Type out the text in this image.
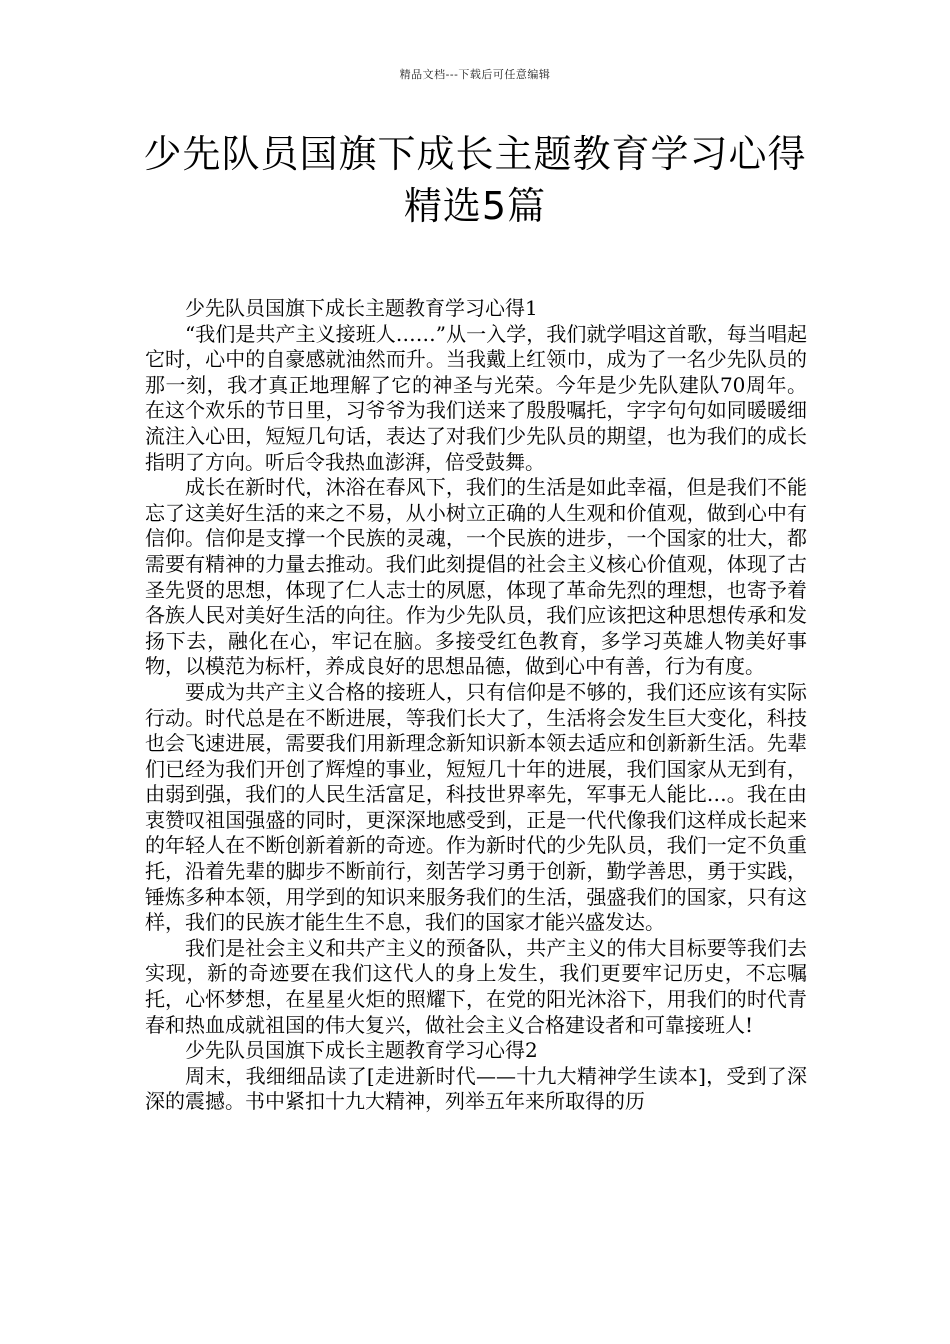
精品文档---下载后可任意编辑
少先队员国旗下成长主题教育学习心得
精选5篇

少先队员国旗下成长主题教育学习心得1

“我们是共产主义接班人……”从一入学，我们就学唱这首歌，每当唱起它时，心中的自豪感就油然而升。当我戴上红领巾，成为了一名少先队员的那一刻，我才真正地理解了它的神圣与光荣。今年是少先队建队70周年。在这个欢乐的节日里，习爷爷为我们送来了殷殷嘱托，字字句句如同暖暖细流注入心田，短短几句话，表达了对我们少先队员的期望，也为我们的成长指明了方向。听后令我热血澎湃，倍受鼓舞。

成长在新时代，沐浴在春风下，我们的生活是如此幸福，但是我们不能忘了这美好生活的来之不易，从小树立正确的人生观和价值观，做到心中有信仰。信仰是支撑一个民族的灵魂，一个民族的进步，一个国家的壮大，都需要有精神的力量去推动。我们此刻提倡的社会主义核心价值观，体现了古圣先贤的思想，体现了仁人志士的夙愿，体现了革命先烈的理想，也寄予着各族人民对美好生活的向往。作为少先队员，我们应该把这种思想传承和发扬下去，融化在心，牢记在脑。多接受红色教育，多学习英雄人物美好事物，以模范为标杆，养成良好的思想品德，做到心中有善，行为有度。

要成为共产主义合格的接班人，只有信仰是不够的，我们还应该有实际行动。时代总是在不断进展，等我们长大了，生活将会发生巨大变化，科技也会飞速进展，需要我们用新理念新知识新本领去适应和创新新生活。先辈们已经为我们开创了辉煌的事业，短短几十年的进展，我们国家从无到有，由弱到强，我们的人民生活富足，科技世界率先，军事无人能比…。我在由衷赞叹祖国强盛的同时，更深深地感受到，正是一代代像我们这样成长起来的年轻人在不断创新着新的奇迹。作为新时代的少先队员，我们一定不负重托，沿着先辈的脚步不断前行，刻苦学习勇于创新，勤学善思，勇于实践，锤炼多种本领，用学到的知识来服务我们的生活，强盛我们的国家，只有这样，我们的民族才能生生不息，我们的国家才能兴盛发达。

我们是社会主义和共产主义的预备队，共产主义的伟大目标要等我们去实现，新的奇迹要在我们这代人的身上发生，我们更要牢记历史，不忘嘱托，心怀梦想，在星星火炬的照耀下，在党的阳光沐浴下，用我们的时代青春和热血成就祖国的伟大复兴，做社会主义合格建设者和可靠接班人!

少先队员国旗下成长主题教育学习心得2

周末，我细细品读了[走进新时代——十九大精神学生读本]，受到了深深的震撼。书中紧扣十九大精神，列举五年来所取得的历
